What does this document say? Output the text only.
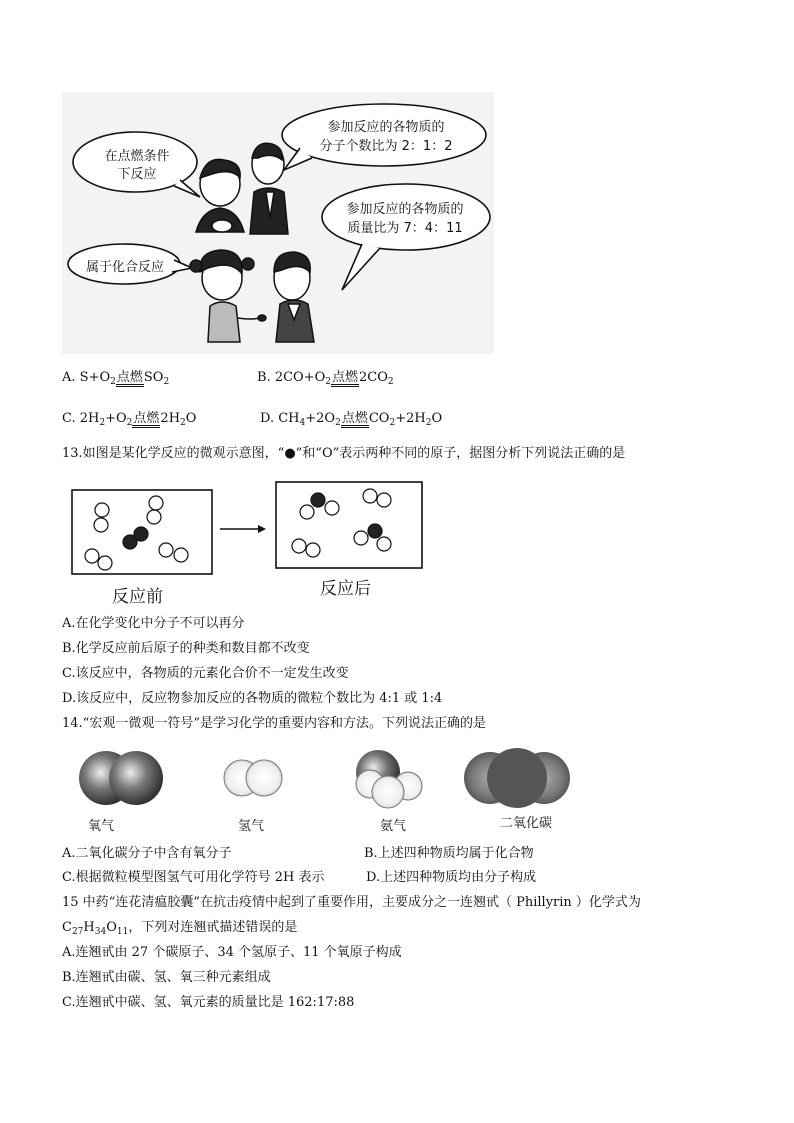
在点燃条件
下反应
参加反应的各物质的
分子个数比为 2：1：2
参加反应的各物质的
质量比为 7：4：11
属于化合反应
A. $S+O_2$点燃$SO_2$	B. $2CO+O_2$点燃$2CO_2$
C. $2H_2+O_2$点燃$2H_2O$	D. $CH_4+2O_2$点燃$CO_2+2H_2O$
13.如图是某化学反应的微观示意图，“●”和“O”表示两种不同的原子，据图分析下列说法正确的是
反应前	反应后
A.在化学变化中分子不可以再分
B.化学反应前后原子的种类和数目都不改变
C.该反应中，各物质的元素化合价不一定发生改变
D.该反应中，反应物参加反应的各物质的微粒个数比为 4:1 或 1:4
14.“宏观一微观一符号”是学习化学的重要内容和方法。下列说法正确的是
氧气	氢气	氨气	二氧化碳
A.二氧化碳分子中含有氧分子	B.上述四种物质均属于化合物
C.根据微粒模型图氢气可用化学符号 2H 表示	D.上述四种物质均由分子构成
15 中药“连花清瘟胶囊”在抗击疫情中起到了重要作用，主要成分之一连翘甙（ Phillyrin ）化学式为
$C_{27}H_{34}O_{11}$，下列对连翘甙描述错误的是
A.连翘甙由 27 个碳原子、34 个氢原子、11 个氧原子构成
B.连翘甙由碳、氢、氧三种元素组成
C.连翘甙中碳、氢、氧元素的质量比是 162:17:88
